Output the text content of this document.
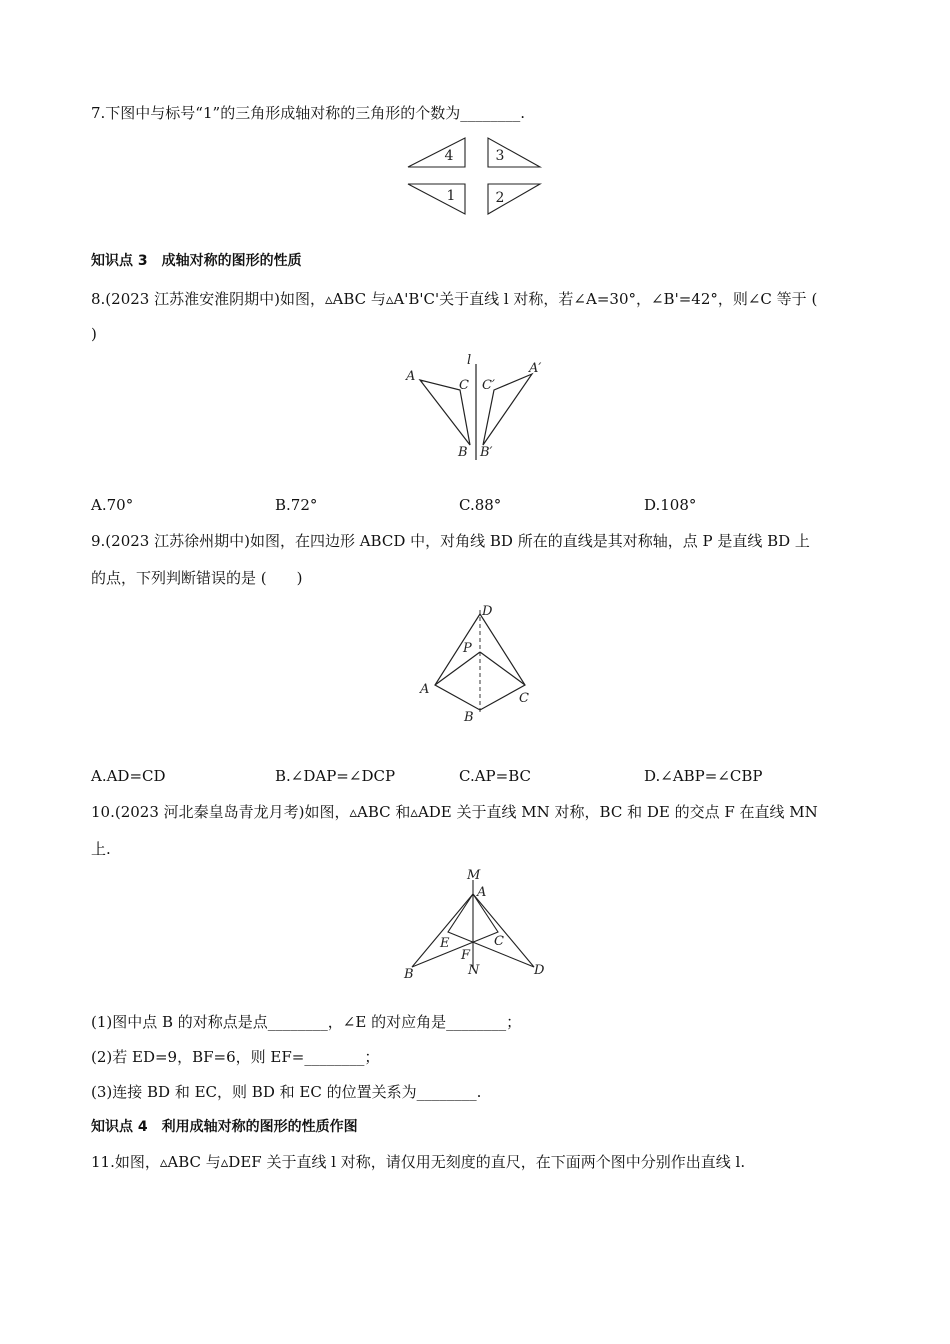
7.下图中与标号“1”的三角形成轴对称的三角形的个数为________.
4	3
1	2
知识点 3　成轴对称的图形的性质
8.(2023 江苏淮安淮阴期中)如图，▵ABC 与▵A'B'C'关于直线 l 对称，若∠A=30°，∠B'=42°，则∠C 等于 (
)
l
A
C C′
A′
B B′
A.70°	B.72°	C.88°	D.108°
9.(2023 江苏徐州期中)如图，在四边形 ABCD 中，对角线 BD 所在的直线是其对称轴，点 P 是直线 BD 上
的点，下列判断错误的是 (　　)
D
P
A
C
B
A.AD=CD	B.∠DAP=∠DCP	C.AP=BC	D.∠ABP=∠CBP
10.(2023 河北秦皇岛青龙月考)如图，▵ABC 和▵ADE 关于直线 MN 对称，BC 和 DE 的交点 F 在直线 MN
上.
M
A
E	C
F
B	N	D
(1)图中点 B 的对称点是点________，∠E 的对应角是________；
(2)若 ED=9，BF=6，则 EF=________；
(3)连接 BD 和 EC，则 BD 和 EC 的位置关系为________.
知识点 4　利用成轴对称的图形的性质作图
11.如图，▵ABC 与▵DEF 关于直线 l 对称，请仅用无刻度的直尺，在下面两个图中分别作出直线 l.
